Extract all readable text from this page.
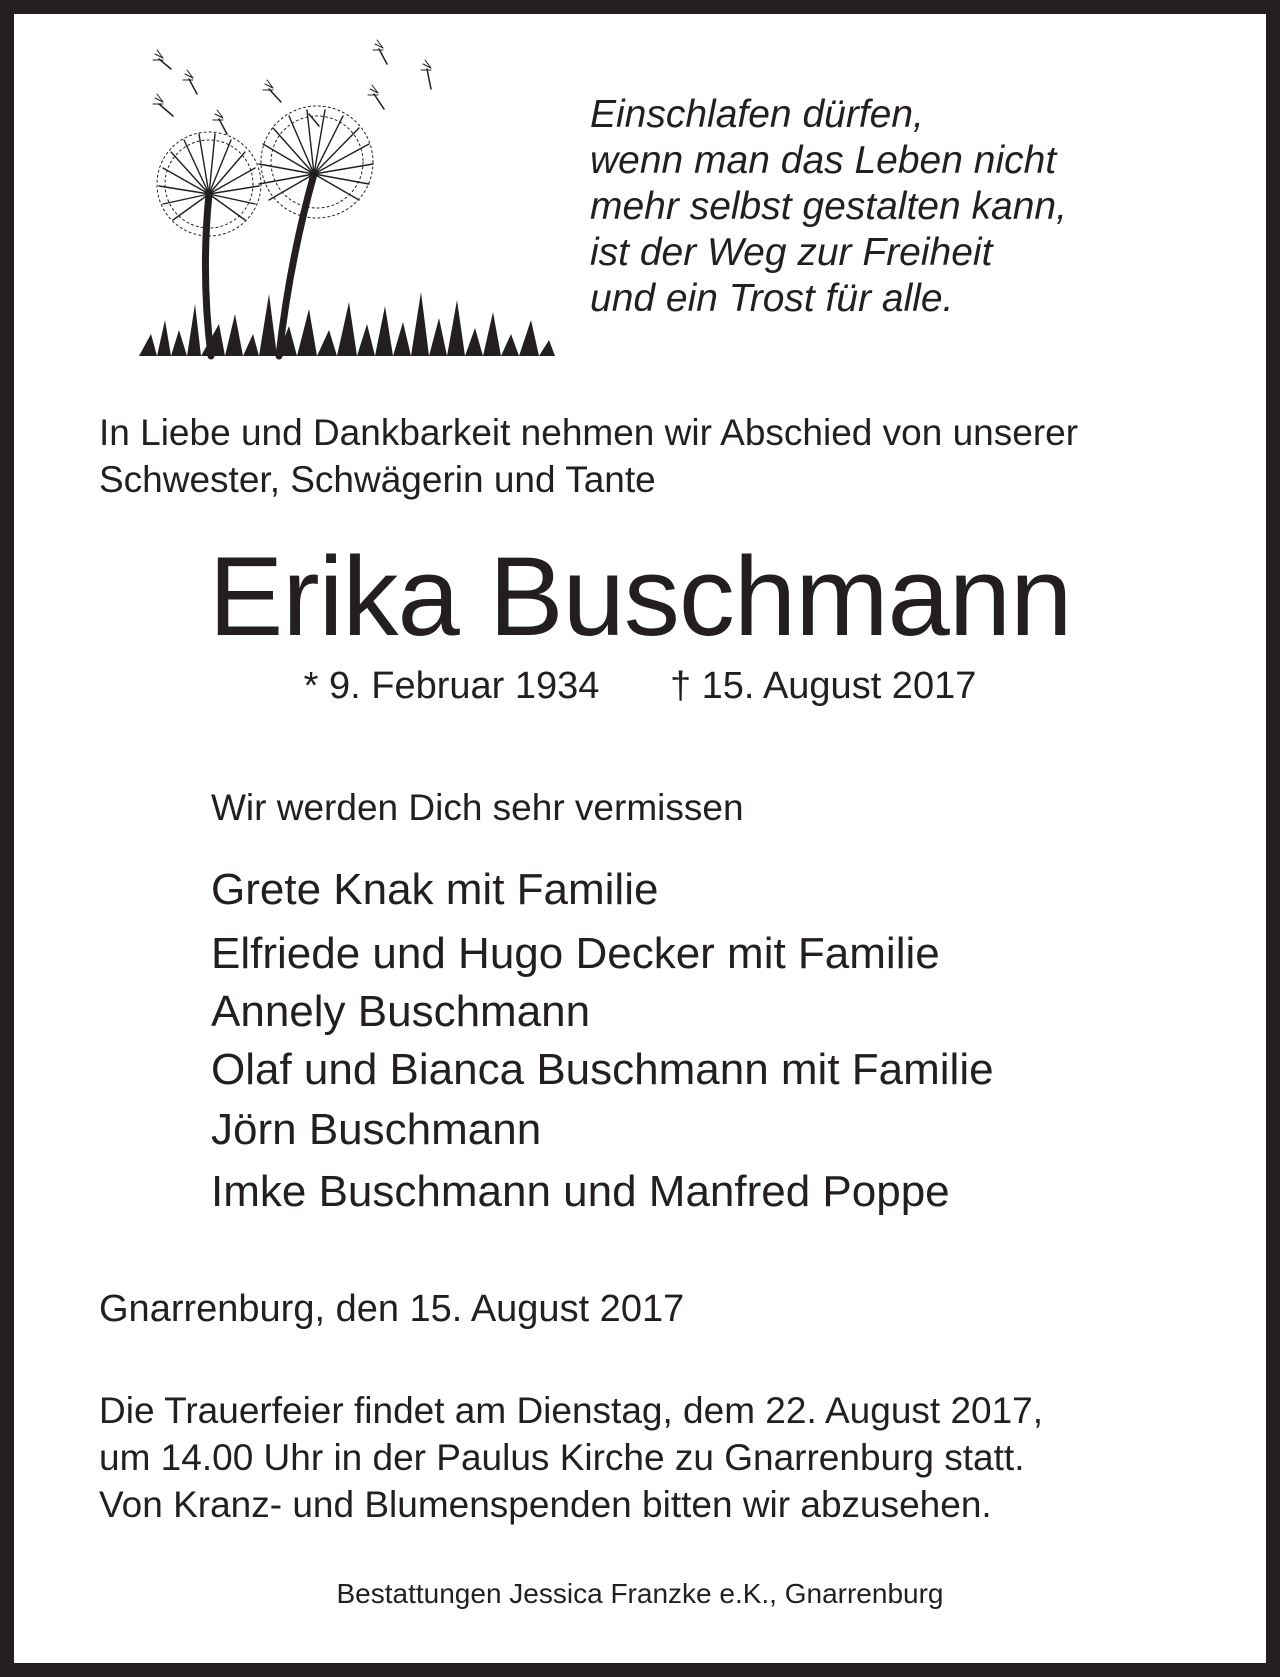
Einschlafen dürfen,
wenn man das Leben nicht
mehr selbst gestalten kann,
ist der Weg zur Freiheit
und ein Trost für alle.
In Liebe und Dankbarkeit nehmen wir Abschied von unserer
Schwester, Schwägerin und Tante
Erika Buschmann
* 9. Februar 1934 † 15. August 2017
Wir werden Dich sehr vermissen
Grete Knak mit Familie
Elfriede und Hugo Decker mit Familie
Annely Buschmann
Olaf und Bianca Buschmann mit Familie
Jörn Buschmann
Imke Buschmann und Manfred Poppe
Gnarrenburg, den 15. August 2017
Die Trauerfeier findet am Dienstag, dem 22. August 2017,
um 14.00 Uhr in der Paulus Kirche zu Gnarrenburg statt.
Von Kranz- und Blumenspenden bitten wir abzusehen.
Bestattungen Jessica Franzke e.K., Gnarrenburg
